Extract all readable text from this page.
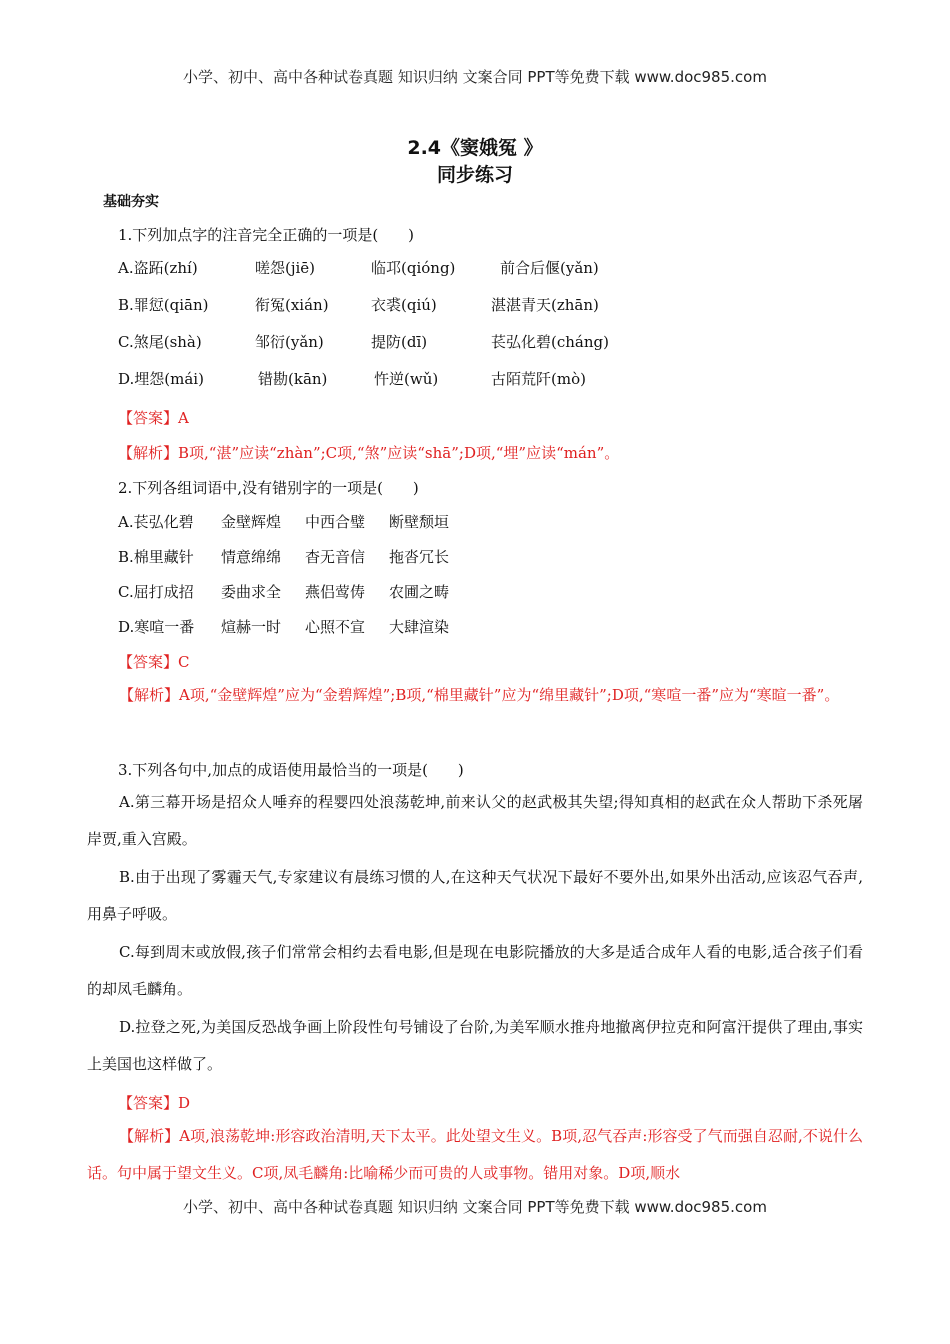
小学、初中、高中各种试卷真题 知识归纳 文案合同 PPT等免费下载 www.doc985.com
2.4《窦娥冤 》
同步练习
基础夯实
1.下列加点字的注音完全正确的一项是(　　)
A.盗跖(zhí)	嗟怨(jiē)	临邛(qióng)	前合后偃(yǎn)
B.罪愆(qiān)	衔冤(xián)	衣裘(qiú)	湛湛青天(zhān)
C.煞尾(shà)	邹衍(yǎn)	提防(dī)	苌弘化碧(cháng)
D.埋怨(mái)	错勘(kān)	忤逆(wǔ)	古陌荒阡(mò)
【答案】A
【解析】B项,“湛”应读“zhàn”;C项,“煞”应读“shā”;D项,“埋”应读“mán”。
2.下列各组词语中,没有错别字的一项是(　　)
A.苌弘化碧 金壁辉煌 中西合璧 断壁颓垣
B.棉里藏针 情意绵绵 杳无音信 拖沓冗长
C.屈打成招 委曲求全 燕侣莺俦 农圃之畴
D.寒喧一番 煊赫一时 心照不宣 大肆渲染
【答案】C
【解析】A项,“金壁辉煌”应为“金碧辉煌”;B项,“棉里藏针”应为“绵里藏针”;D项,“寒喧一番”应为“寒暄一番”。
3.下列各句中,加点的成语使用最恰当的一项是(　　)
A.第三幕开场是招众人唾弃的程婴四处浪荡乾坤,前来认父的赵武极其失望;得知真相的赵武在众人帮助下杀死屠岸贾,重入宫殿。
B.由于出现了雾霾天气,专家建议有晨练习惯的人,在这种天气状况下最好不要外出,如果外出活动,应该忍气吞声,用鼻子呼吸。
C.每到周末或放假,孩子们常常会相约去看电影,但是现在电影院播放的大多是适合成年人看的电影,适合孩子们看的却凤毛麟角。
D.拉登之死,为美国反恐战争画上阶段性句号铺设了台阶,为美军顺水推舟地撤离伊拉克和阿富汗提供了理由,事实上美国也这样做了。
【答案】D
【解析】A项,浪荡乾坤:形容政治清明,天下太平。此处望文生义。B项,忍气吞声:形容受了气而强自忍耐,不说什么话。句中属于望文生义。C项,凤毛麟角:比喻稀少而可贵的人或事物。错用对象。D项,顺水
小学、初中、高中各种试卷真题 知识归纳 文案合同 PPT等免费下载 www.doc985.com
